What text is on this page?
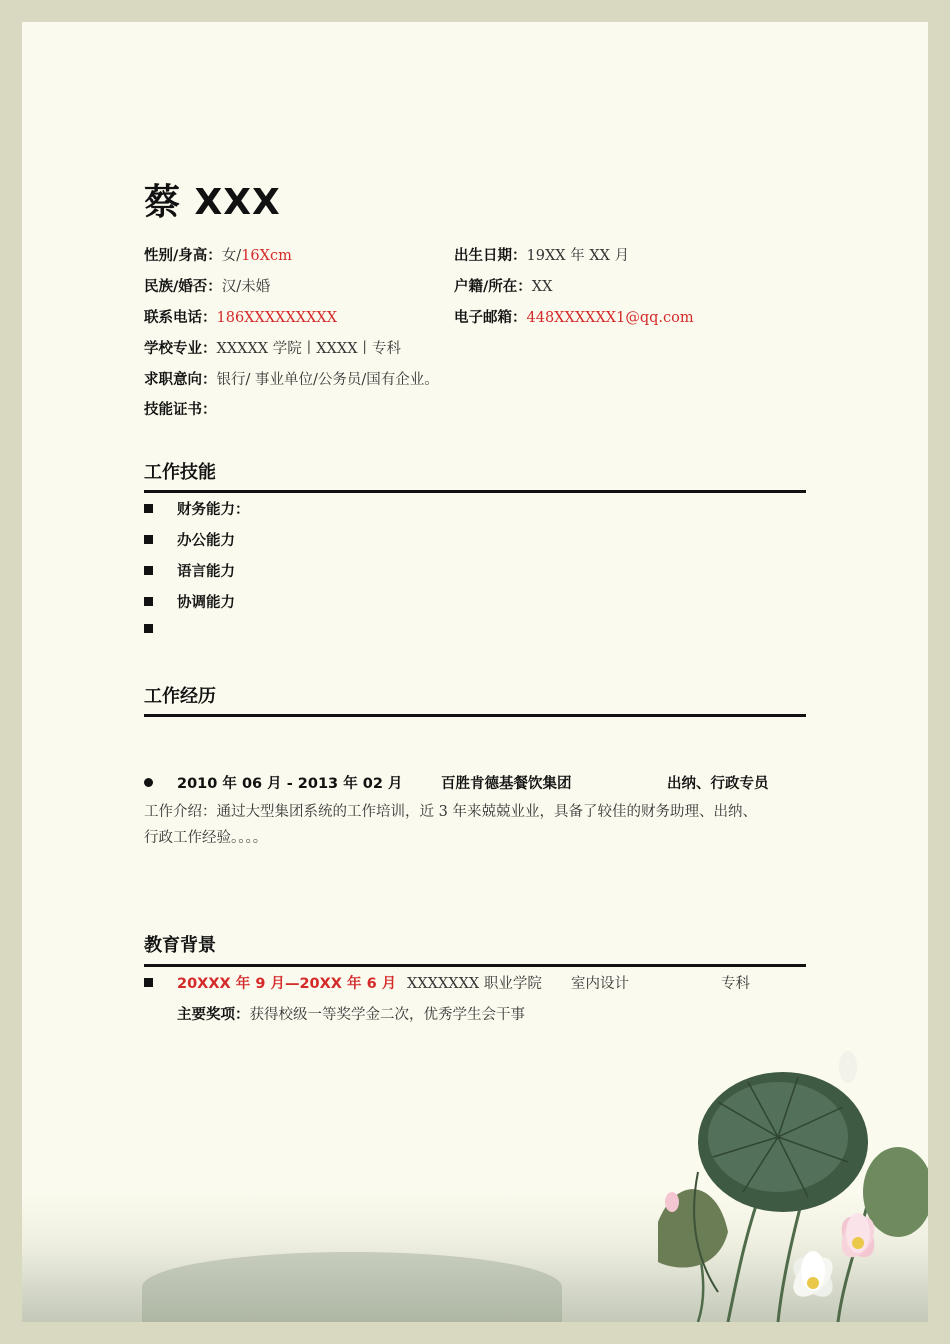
蔡 XXX
性别/身高：女/16Xcm	出生日期：19XX 年 XX 月
民族/婚否：汉/未婚	户籍/所在：XX
联系电话：186XXXXXXXXX	电子邮箱：448XXXXXX1@qq.com
学校专业：XXXXX 学院丨XXXX丨专科
求职意向：银行/ 事业单位/公务员/国有企业。
技能证书：
工作技能
财务能力：
办公能力
语言能力
协调能力
工作经历
2010 年 06 月 - 2013 年 02 月	百胜肯德基餐饮集团	出纳、行政专员
工作介绍：通过大型集团系统的工作培训，近 3 年来兢兢业业，具备了较佳的财务助理、出纳、
行政工作经验。。。。
教育背景
20XXX 年 9 月—20XX 年 6 月 XXXXXXX 职业学院 室内设计	专科
主要奖项：获得校级一等奖学金二次，优秀学生会干事
